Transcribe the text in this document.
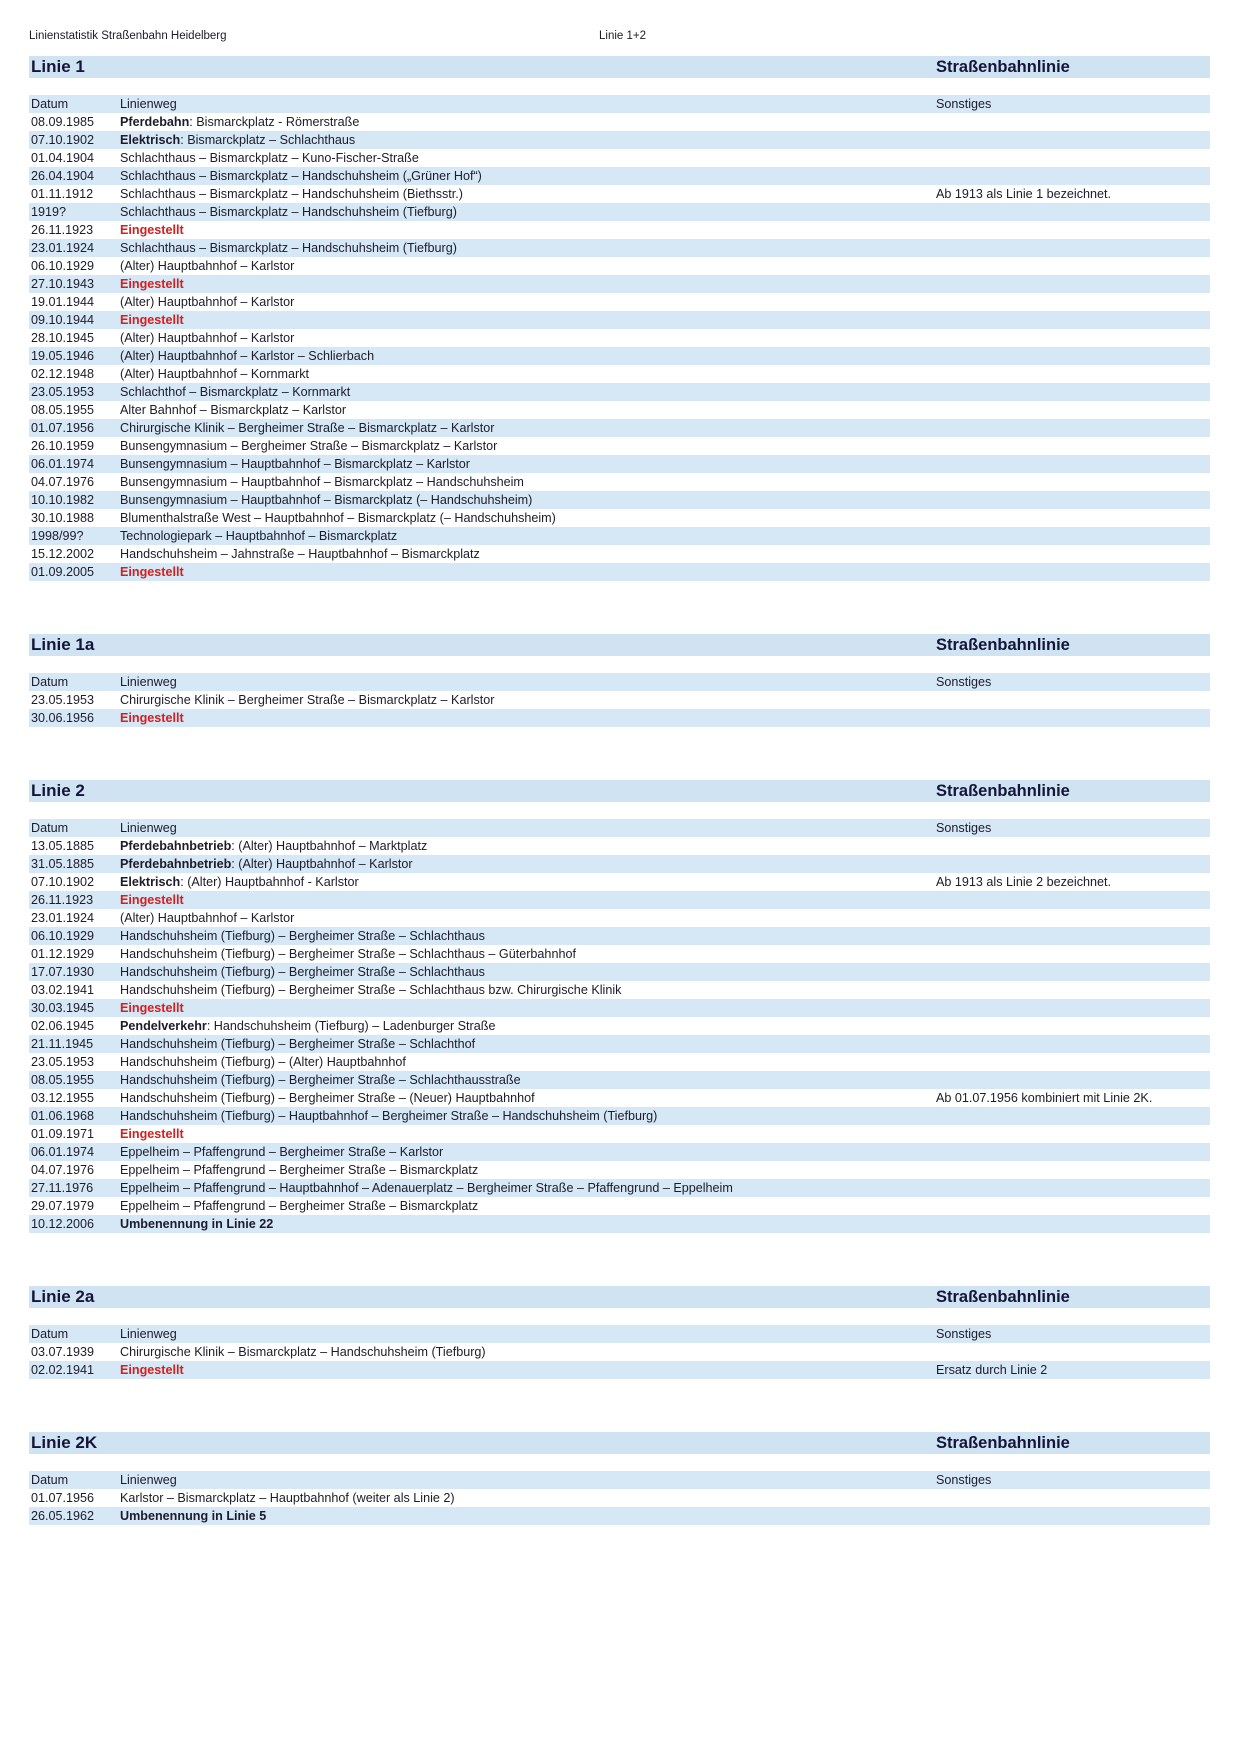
Linienstatistik Straßenbahn Heidelberg	Linie 1+2
Linie 1	Straßenbahnlinie
Datum	Linienweg	Sonstiges
08.09.1985	Pferdebahn: Bismarckplatz - Römerstraße
07.10.1902	Elektrisch: Bismarckplatz – Schlachthaus
01.04.1904	Schlachthaus – Bismarckplatz – Kuno-Fischer-Straße
26.04.1904	Schlachthaus – Bismarckplatz – Handschuhsheim („Grüner Hof“)
01.11.1912	Schlachthaus – Bismarckplatz – Handschuhsheim (Biethsstr.)	Ab 1913 als Linie 1 bezeichnet.
1919?	Schlachthaus – Bismarckplatz – Handschuhsheim (Tiefburg)
26.11.1923	Eingestellt
23.01.1924	Schlachthaus – Bismarckplatz – Handschuhsheim (Tiefburg)
06.10.1929	(Alter) Hauptbahnhof – Karlstor
27.10.1943	Eingestellt
19.01.1944	(Alter) Hauptbahnhof – Karlstor
09.10.1944	Eingestellt
28.10.1945	(Alter) Hauptbahnhof – Karlstor
19.05.1946	(Alter) Hauptbahnhof – Karlstor – Schlierbach
02.12.1948	(Alter) Hauptbahnhof – Kornmarkt
23.05.1953	Schlachthof – Bismarckplatz – Kornmarkt
08.05.1955	Alter Bahnhof – Bismarckplatz – Karlstor
01.07.1956	Chirurgische Klinik – Bergheimer Straße – Bismarckplatz – Karlstor
26.10.1959	Bunsengymnasium – Bergheimer Straße – Bismarckplatz – Karlstor
06.01.1974	Bunsengymnasium – Hauptbahnhof – Bismarckplatz – Karlstor
04.07.1976	Bunsengymnasium – Hauptbahnhof – Bismarckplatz – Handschuhsheim
10.10.1982	Bunsengymnasium – Hauptbahnhof – Bismarckplatz (– Handschuhsheim)
30.10.1988	Blumenthalstraße West – Hauptbahnhof – Bismarckplatz (– Handschuhsheim)
1998/99?	Technologiepark – Hauptbahnhof – Bismarckplatz
15.12.2002	Handschuhsheim – Jahnstraße – Hauptbahnhof – Bismarckplatz
01.09.2005	Eingestellt
Linie 1a	Straßenbahnlinie
Datum	Linienweg	Sonstiges
23.05.1953	Chirurgische Klinik – Bergheimer Straße – Bismarckplatz – Karlstor
30.06.1956	Eingestellt
Linie 2	Straßenbahnlinie
Datum	Linienweg	Sonstiges
13.05.1885	Pferdebahnbetrieb: (Alter) Hauptbahnhof – Marktplatz
31.05.1885	Pferdebahnbetrieb: (Alter) Hauptbahnhof – Karlstor
07.10.1902	Elektrisch: (Alter) Hauptbahnhof - Karlstor	Ab 1913 als Linie 2 bezeichnet.
26.11.1923	Eingestellt
23.01.1924	(Alter) Hauptbahnhof – Karlstor
06.10.1929	Handschuhsheim (Tiefburg) – Bergheimer Straße – Schlachthaus
01.12.1929	Handschuhsheim (Tiefburg) – Bergheimer Straße – Schlachthaus – Güterbahnhof
17.07.1930	Handschuhsheim (Tiefburg) – Bergheimer Straße – Schlachthaus
03.02.1941	Handschuhsheim (Tiefburg) – Bergheimer Straße – Schlachthaus bzw. Chirurgische Klinik
30.03.1945	Eingestellt
02.06.1945	Pendelverkehr: Handschuhsheim (Tiefburg) – Ladenburger Straße
21.11.1945	Handschuhsheim (Tiefburg) – Bergheimer Straße – Schlachthof
23.05.1953	Handschuhsheim (Tiefburg) – (Alter) Hauptbahnhof
08.05.1955	Handschuhsheim (Tiefburg) – Bergheimer Straße – Schlachthausstraße
03.12.1955	Handschuhsheim (Tiefburg) – Bergheimer Straße – (Neuer) Hauptbahnhof	Ab 01.07.1956 kombiniert mit Linie 2K.
01.06.1968	Handschuhsheim (Tiefburg) – Hauptbahnhof – Bergheimer Straße – Handschuhsheim (Tiefburg)
01.09.1971	Eingestellt
06.01.1974	Eppelheim – Pfaffengrund – Bergheimer Straße – Karlstor
04.07.1976	Eppelheim – Pfaffengrund – Bergheimer Straße – Bismarckplatz
27.11.1976	Eppelheim – Pfaffengrund – Hauptbahnhof – Adenauerplatz – Bergheimer Straße – Pfaffengrund – Eppelheim
29.07.1979	Eppelheim – Pfaffengrund – Bergheimer Straße – Bismarckplatz
10.12.2006	Umbenennung in Linie 22
Linie 2a	Straßenbahnlinie
Datum	Linienweg	Sonstiges
03.07.1939	Chirurgische Klinik – Bismarckplatz – Handschuhsheim (Tiefburg)
02.02.1941	Eingestellt	Ersatz durch Linie 2
Linie 2K	Straßenbahnlinie
Datum	Linienweg	Sonstiges
01.07.1956	Karlstor – Bismarckplatz – Hauptbahnhof (weiter als Linie 2)
26.05.1962	Umbenennung in Linie 5
